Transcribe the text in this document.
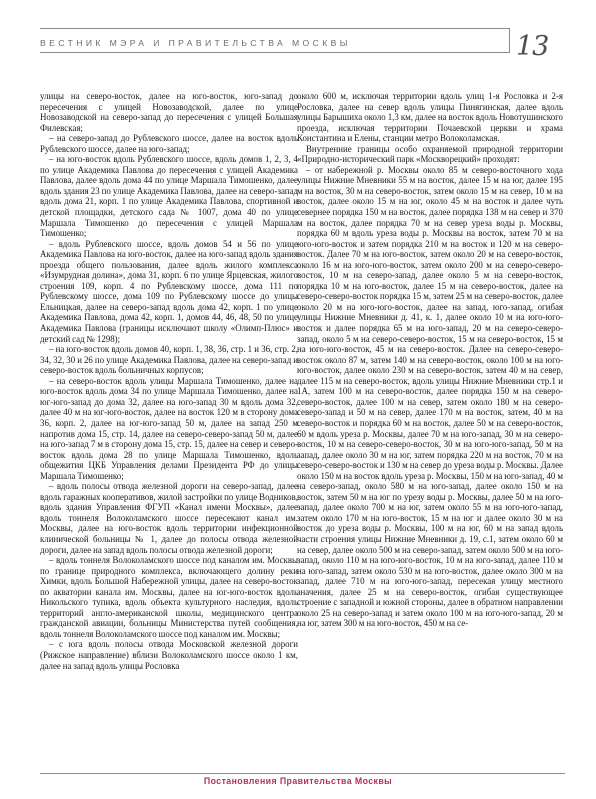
ВЕСТНИК МЭРА И ПРАВИТЕЛЬСТВА МОСКВЫ	13

улицы на северо-восток, далее на юго-восток, юго-запад до пересечения с улицей Новозаводской, далее по улице Новозаводской на северо-запад до пересечения с улицей Большая Филевская;

– на северо-запад до Рублевского шоссе, далее на восток вдоль Рублевского шоссе, далее на юго-запад;

– на юго-восток вдоль Рублевского шоссе, вдоль домов 1, 2, 3, 4 по улице Академика Павлова до пересечения с улицей Академика Павлова, далее вдоль дома 44 по улице Маршала Тимошенко, далее вдоль здания 23 по улице Академика Павлова, далее на северо-запад вдоль дома 21, корп. 1 по улице Академика Павлова, спортивной и детской площадки, детского сада № 1007, дома 40 по улице Маршала Тимошенко до пересечения с улицей Маршала Тимошенко;

– вдоль Рублевского шоссе, вдоль домов 54 и 56 по улице Академика Павлова на юго-восток, далее на юго-запад вдоль здания проезда общего пользования, далее вдоль жилого комплекса «Изумрудная долина», дома 31, корп. 6 по улице Ярцевская, жилого строения 109, корп. 4 по Рублевскому шоссе, дома 111 по Рублевскому шоссе, дома 109 по Рублевскому шоссе до улицы Ельницкая, далее на северо-запад вдоль дома 42, корп. 1 по улице Академика Павлова, дома 42, корп. 1, домов 44, 46, 48, 50 по улице Академика Павлова (границы исключают школу «Олимп-Плюс» и детский сад № 1298);

– на юго-восток вдоль домов 40, корп. 1, 38, 36, стр. 1 и 36, стр. 2, 34, 32, 30 и 26 по улице Академика Павлова, далее на северо-запад и северо-восток вдоль больничных корпусов;

– на северо-восток вдоль улицы Маршала Тимошенко, далее на юго-восток вдоль дома 34 по улице Маршала Тимошенко, далее на юг-юго-запад до дома 32, далее на юго-запад 30 м вдоль дома 32, далее 40 м на юг-юго-восток, далее на восток 120 м в сторону дома 36, корп. 2, далее на юг-юго-запад 50 м, далее на запад 250 м напротив дома 15, стр. 14, далее на северо-северо-запад 50 м, далее на юго-запад 7 м в сторону дома 15, стр. 15, далее на север и северо-восток вдоль дома 28 по улице Маршала Тимошенко, вдоль общежития ЦКБ Управления делами Президента РФ до улицы Маршала Тимошенко;

– вдоль полосы отвода железной дороги на северо-запад, далее вдоль гаражных кооперативов, жилой застройки по улице Водников, вдоль здания Управления ФГУП «Канал имени Москвы», далее вдоль тоннеля Волоколамского шоссе пересекают канал им. Москвы, далее на юго-восток вдоль территории инфекционной клинической больницы № 1, далее до полосы отвода железной дороги, далее на запад вдоль полосы отвода железной дороги;

– вдоль тоннеля Волоколамского шоссе под каналом им. Москвы по границе природного комплекса, включающего долину реки Химки, вдоль Большой Набережной улицы, далее на северо-восток по акватории канала им. Москвы, далее на юг-юго-восток вдоль Никольского тупика, вдоль объекта культурного наследия, вдоль территорий англо-американской школы, медицинского центра гражданской авиации, больницы Министерства путей сообщения, вдоль тоннеля Волоколамского шоссе под каналом им. Москвы;

– с юга вдоль полосы отвода Московской железной дороги (Рижское направление) вблизи Волоколамского шоссе около 1 км, далее на запад вдоль улицы Рословка

около 600 м, исключая территории вдоль улиц 1-я Рословка и 2-я Рословка, далее на север вдоль улицы Пинягинская, далее вдоль улицы Барышиха около 1,3 км, далее на восток вдоль Новотушинского проезда, исключая территории Почаевской церкви и храма Константина и Елены, станции метро Волоколамская.

Внутренние границы особо охраняемой природной территории «Природно-исторический парк «Москворецкий» проходят:

– от набережной р. Москвы около 85 м северо-восточного хода улицы Нижние Мневники 55 м на восток, далее 15 м на юг, далее 195 м на восток, 30 м на северо-восток, затем около 15 м на север, 10 м на восток, далее около 15 м на юг, около 45 м на восток и далее чуть севернее порядка 150 м на восток, далее порядка 138 м на север и 370 м на восток, далее порядка 70 м на север урезa воды р. Москвы, порядка 60 м вдоль уреза воды р. Москвы на восток, затем 70 м на юго-юго-восток и затем порядка 210 м на восток и 120 м на северо-восток. Далее 70 м на юго-восток, затем около 20 м на северо-восток, около 16 м на юго-юго-восток, затем около 200 м на северо-северо-восток, 10 м на северо-запад, далее около 5 м на северо-восток, порядка 10 м на юго-восток, далее 15 м на северо-восток, далее на северо-северо-восток порядка 15 м, затем 25 м на северо-восток, далее около 20 м на юго-юго-восток, далее на запад, юго-запад, огибая улицы Нижние Мневники д. 41, к. 1, далее около 10 м на юго-юго-восток и далее порядка 65 м на юго-запад, 20 м на северо-северо-запад, около 5 м на северо-северо-восток, 15 м на северо-восток, 15 м на юго-юго-восток, 45 м на северо-восток. Далее на северо-северо-восток около 87 м, затем 140 м на северо-восток, около 100 м на юго-юго-восток, далее около 230 м на северо-восток, затем 40 м на север, далее 115 м на северо-восток, вдоль улицы Нижние Мневники стр.1 и 1А, затем 100 м на северо-восток, далее порядка 150 м на северо-северо-восток, далее 100 м на север, затем около 180 м на северо-северо-запад и 50 м на север, далее 170 м на восток, затем, 40 м на северо-восток и порядка 60 м на восток, далее 50 м на северо-восток, 60 м вдоль уреза р. Москвы, далее 70 м на юго-запад, 30 м на северо-восток, 10 м на северо-северо-восток, 30 м на юго-юго-запад, 50 м на запад, далее около 30 м на юг, затем порядка 220 м на восток, 70 м на северо-северо-восток и 130 м на север до уреза воды р. Москвы. Далее около 150 м на восток вдоль уреза р. Москвы, 150 м на юго-запад, 40 м на северо-запад, около 580 м на юго-запад, далее около 150 м на восток, затем 50 м на юг по урезу воды р. Москвы, далее 50 м на юго-запад, далее около 700 м на юг, затем около 55 м на юго-юго-запад, затем около 170 м на юго-восток, 15 м на юг и далее около 30 м на восток до уреза воды р. Москвы, 100 м на юг, 60 м на запад вдоль части строения улицы Нижние Мневники д. 19, с.1, затем около 60 м на север, далее около 500 м на северо-запад, затем около 500 м на юго-запад, около 110 м на юго-юго-восток, 10 м на юго-запад, далее 110 м на юго-запад, затем около 530 м на юго-восток, далее около 300 м на запад, далее 710 м на юго-юго-запад, пересекая улицу местного значения, далее 25 м на северо-восток, огибая существующее строение с западной и южной стороны, далее в обратном направлении около 25 на северо-запад и затем около 100 м на юго-юго-запад, 20 м на юг, затем 300 м на юго-восток, 450 м на се-

Постановления Правительства Москвы
